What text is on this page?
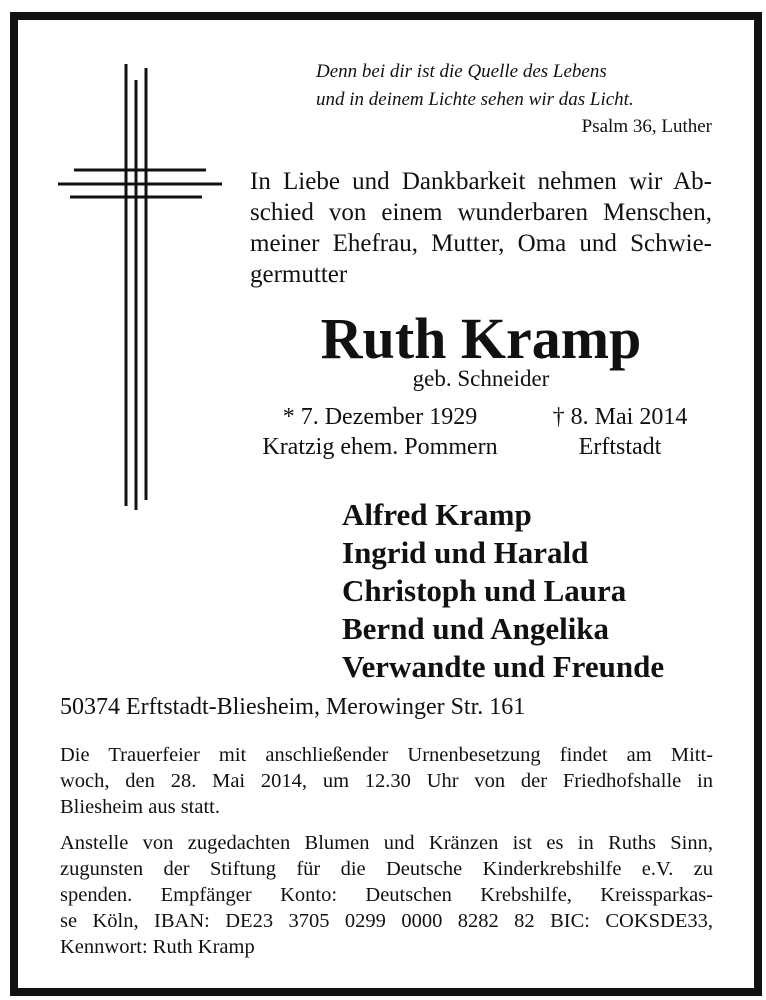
Denn bei dir ist die Quelle des Lebens
und in deinem Lichte sehen wir das Licht.
Psalm 36, Luther
In Liebe und Dankbarkeit nehmen wir Ab-
schied von einem wunderbaren Menschen,
meiner Ehefrau, Mutter, Oma und Schwie-
germutter
Ruth Kramp
geb. Schneider
* 7. Dezember 1929
Kratzig ehem. Pommern
† 8. Mai 2014
Erftstadt
Alfred Kramp
Ingrid und Harald
Christoph und Laura
Bernd und Angelika
Verwandte und Freunde
50374 Erftstadt-Bliesheim, Merowinger Str. 161
Die Trauerfeier mit anschließender Urnenbesetzung findet am Mitt-
woch, den 28. Mai 2014, um 12.30 Uhr von der Friedhofshalle in
Bliesheim aus statt.
Anstelle von zugedachten Blumen und Kränzen ist es in Ruths Sinn,
zugunsten der Stiftung für die Deutsche Kinderkrebshilfe e.V. zu
spenden. Empfänger Konto: Deutschen Krebshilfe, Kreissparkas-
se Köln, IBAN: DE23 3705 0299 0000 8282 82 BIC: COKSDE33,
Kennwort: Ruth Kramp
